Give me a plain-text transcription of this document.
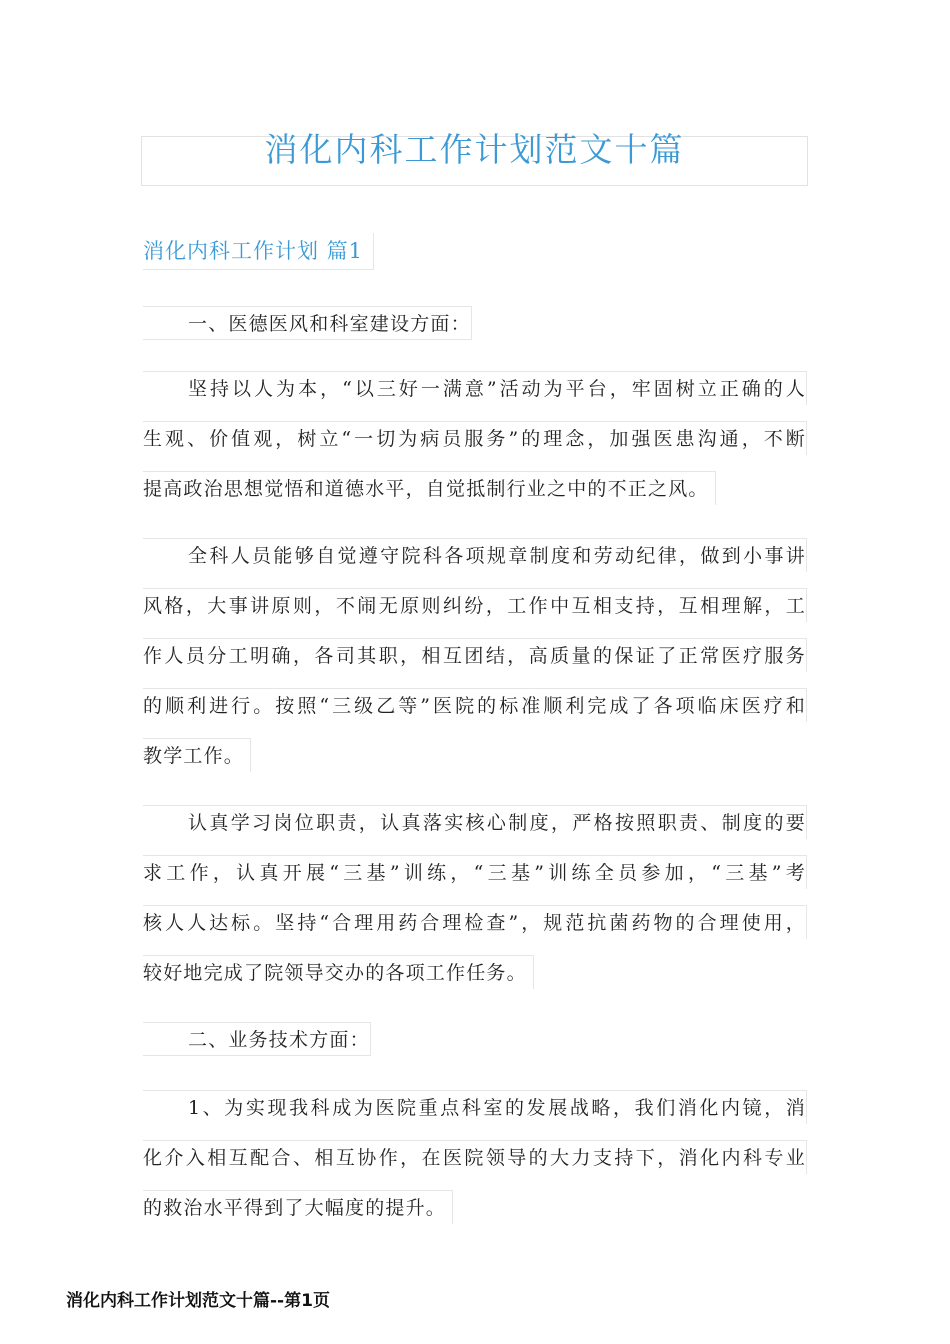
消化内科工作计划范文十篇
消化内科工作计划 篇1
一、医德医风和科室建设方面：
坚持以人为本，“以三好一满意”活动为平台，牢固树立正确的人
生观、价值观，树立“一切为病员服务”的理念，加强医患沟通，不断
提高政治思想觉悟和道德水平，自觉抵制行业之中的不正之风。
全科人员能够自觉遵守院科各项规章制度和劳动纪律，做到小事讲
风格，大事讲原则，不闹无原则纠纷，工作中互相支持，互相理解，工
作人员分工明确，各司其职，相互团结，高质量的保证了正常医疗服务
的顺利进行。按照“三级乙等”医院的标准顺利完成了各项临床医疗和
教学工作。
认真学习岗位职责，认真落实核心制度，严格按照职责、制度的要
求工作，认真开展“三基”训练，“三基”训练全员参加，“三基”考
核人人达标。坚持“合理用药合理检查”，规范抗菌药物的合理使用，
较好地完成了院领导交办的各项工作任务。
二、业务技术方面：
1、为实现我科成为医院重点科室的发展战略，我们消化内镜，消
化介入相互配合、相互协作，在医院领导的大力支持下，消化内科专业
的救治水平得到了大幅度的提升。
消化内科工作计划范文十篇--第1页
